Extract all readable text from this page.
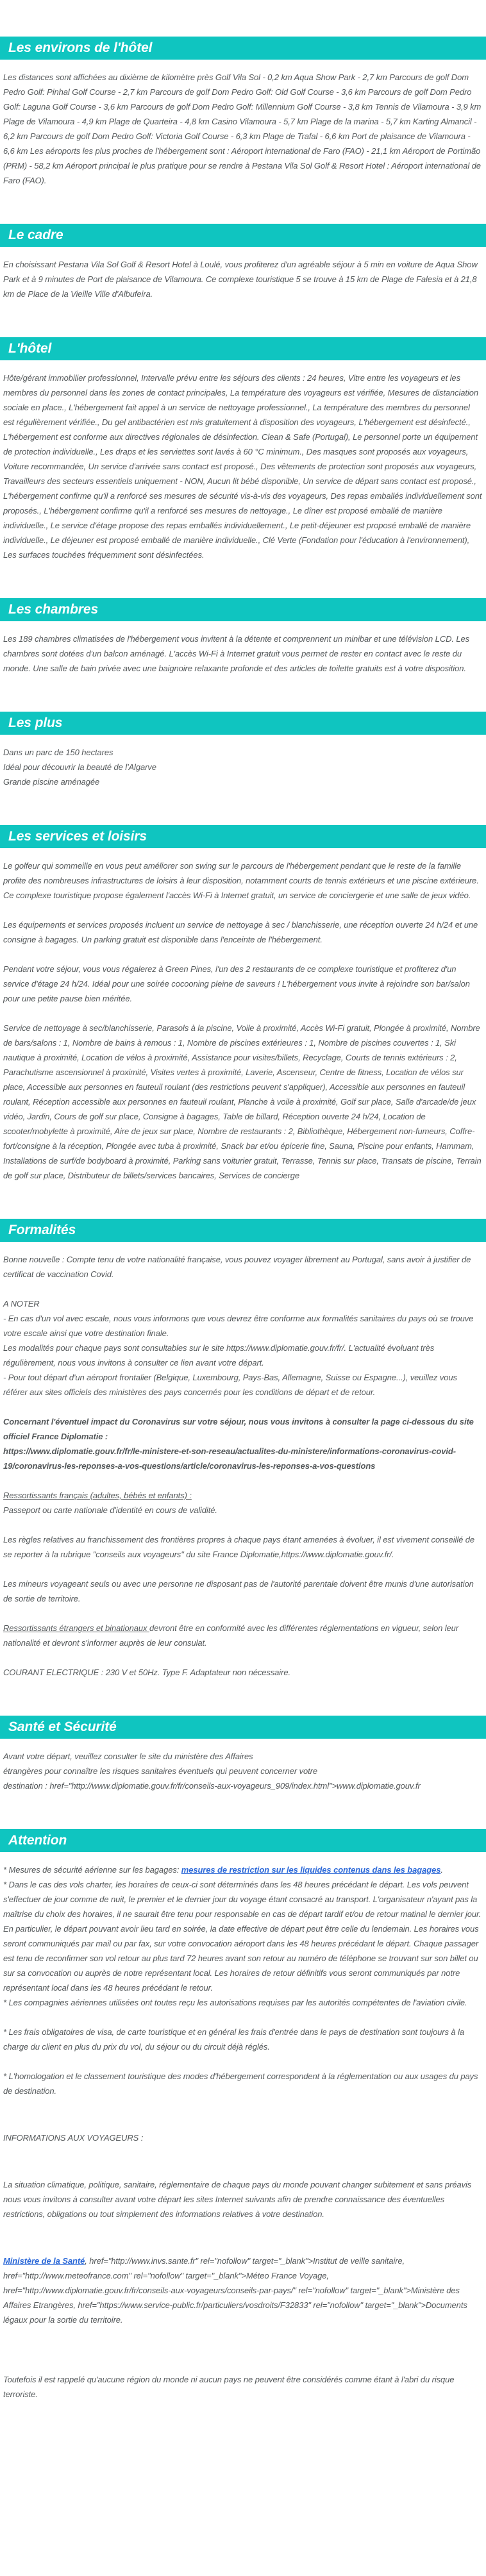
Les environs de l'hôtel
Les distances sont affichées au dixième de kilomètre près Golf Vila Sol - 0,2 km Aqua Show Park - 2,7 km Parcours de golf Dom Pedro Golf: Pinhal Golf Course - 2,7 km Parcours de golf Dom Pedro Golf: Old Golf Course - 3,6 km Parcours de golf Dom Pedro Golf: Laguna Golf Course - 3,6 km Parcours de golf Dom Pedro Golf: Millennium Golf Course - 3,8 km Tennis de Vilamoura - 3,9 km Plage de Vilamoura - 4,9 km Plage de Quarteira - 4,8 km Casino Vilamoura - 5,7 km Plage de la marina - 5,7 km Karting Almancil - 6,2 km Parcours de golf Dom Pedro Golf: Victoria Golf Course - 6,3 km Plage de Trafal - 6,6 km Port de plaisance de Vilamoura - 6,6 km Les aéroports les plus proches de l'hébergement sont : Aéroport international de Faro (FAO) - 21,1 km Aéroport de Portimão (PRM) - 58,2 km Aéroport principal le plus pratique pour se rendre à Pestana Vila Sol Golf & Resort Hotel : Aéroport international de Faro (FAO).
Le cadre
En choisissant Pestana Vila Sol Golf & Resort Hotel à Loulé, vous profiterez d'un agréable séjour à 5 min en voiture de Aqua Show Park et à 9 minutes de Port de plaisance de Vilamoura. Ce complexe touristique 5 se trouve à 15 km de Plage de Falesia et à 21,8 km de Place de la Vieille Ville d'Albufeira.
L'hôtel
Hôte/gérant immobilier professionnel, Intervalle prévu entre les séjours des clients : 24 heures, Vitre entre les voyageurs et les membres du personnel dans les zones de contact principales, La température des voyageurs est vérifiée, Mesures de distanciation sociale en place., L'hébergement fait appel à un service de nettoyage professionnel., La température des membres du personnel est régulièrement vérifiée., Du gel antibactérien est mis gratuitement à disposition des voyageurs, L'hébergement est désinfecté., L'hébergement est conforme aux directives régionales de désinfection. Clean & Safe (Portugal), Le personnel porte un équipement de protection individuelle., Les draps et les serviettes sont lavés à 60 °C minimum., Des masques sont proposés aux voyageurs, Voiture recommandée, Un service d'arrivée sans contact est proposé., Des vêtements de protection sont proposés aux voyageurs, Travailleurs des secteurs essentiels uniquement - NON, Aucun lit bébé disponible, Un service de départ sans contact est proposé., L'hébergement confirme qu'il a renforcé ses mesures de sécurité vis-à-vis des voyageurs, Des repas emballés individuellement sont proposés., L'hébergement confirme qu'il a renforcé ses mesures de nettoyage., Le dîner est proposé emballé de manière individuelle., Le service d'étage propose des repas emballés individuellement., Le petit-déjeuner est proposé emballé de manière individuelle., Le déjeuner est proposé emballé de manière individuelle., Clé Verte (Fondation pour l'éducation à l'environnement), Les surfaces touchées fréquemment sont désinfectées.
Les chambres
Les 189 chambres climatisées de l'hébergement vous invitent à la détente et comprennent un minibar et une télévision LCD. Les chambres sont dotées d'un balcon aménagé. L'accès Wi-Fi à Internet gratuit vous permet de rester en contact avec le reste du monde. Une salle de bain privée avec une baignoire relaxante profonde et des articles de toilette gratuits est à votre disposition.
Les plus
Dans un parc de 150 hectares
Idéal pour découvrir la beauté de l'Algarve
Grande piscine aménagée
Les services et loisirs
Le golfeur qui sommeille en vous peut améliorer son swing sur le parcours de l'hébergement pendant que le reste de la famille profite des nombreuses infrastructures de loisirs à leur disposition, notamment courts de tennis extérieurs et une piscine extérieure. Ce complexe touristique propose également l'accès Wi-Fi à Internet gratuit, un service de conciergerie et une salle de jeux vidéo.
Les équipements et services proposés incluent un service de nettoyage à sec / blanchisserie, une réception ouverte 24 h/24 et une consigne à bagages. Un parking gratuit est disponible dans l'enceinte de l'hébergement.
Pendant votre séjour, vous vous régalerez à Green Pines, l'un des 2 restaurants de ce complexe touristique et profiterez d'un service d'étage 24 h/24. Idéal pour une soirée cocooning pleine de saveurs ! L'hébergement vous invite à rejoindre son bar/salon pour une petite pause bien méritée.
Service de nettoyage à sec/blanchisserie, Parasols à la piscine, Voile à proximité, Accès Wi-Fi gratuit, Plongée à proximité, Nombre de bars/salons : 1, Nombre de bains à remous : 1, Nombre de piscines extérieures : 1, Nombre de piscines couvertes : 1, Ski nautique à proximité, Location de vélos à proximité, Assistance pour visites/billets, Recyclage, Courts de tennis extérieurs : 2, Parachutisme ascensionnel à proximité, Visites vertes à proximité, Laverie, Ascenseur, Centre de fitness, Location de vélos sur place, Accessible aux personnes en fauteuil roulant (des restrictions peuvent s'appliquer), Accessible aux personnes en fauteuil roulant, Réception accessible aux personnes en fauteuil roulant, Planche à voile à proximité, Golf sur place, Salle d'arcade/de jeux vidéo, Jardin, Cours de golf sur place, Consigne à bagages, Table de billard, Réception ouverte 24 h/24, Location de scooter/mobylette à proximité, Aire de jeux sur place, Nombre de restaurants : 2, Bibliothèque, Hébergement non-fumeurs, Coffre-fort/consigne à la réception, Plongée avec tuba à proximité, Snack bar et/ou épicerie fine, Sauna, Piscine pour enfants, Hammam, Installations de surf/de bodyboard à proximité, Parking sans voiturier gratuit, Terrasse, Tennis sur place, Transats de piscine, Terrain de golf sur place, Distributeur de billets/services bancaires, Services de concierge
Formalités
Bonne nouvelle : Compte tenu de votre nationalité française, vous pouvez voyager librement au Portugal, sans avoir à justifier de certificat de vaccination Covid.
A NOTER
- En cas d'un vol avec escale, nous vous informons que vous devrez être conforme aux formalités sanitaires du pays où se trouve votre escale ainsi que votre destination finale.
Les modalités pour chaque pays sont consultables sur le site https://www.diplomatie.gouv.fr/fr/. L'actualité évoluant très régulièrement, nous vous invitons à consulter ce lien avant votre départ.
- Pour tout départ d'un aéroport frontalier (Belgique, Luxembourg, Pays-Bas, Allemagne, Suisse ou Espagne...), veuillez vous référer aux sites officiels des ministères des pays concernés pour les conditions de départ et de retour.
Concernant l'éventuel impact du Coronavirus sur votre séjour, nous vous invitons à consulter la page ci-dessous du site officiel France Diplomatie :
https://www.diplomatie.gouv.fr/fr/le-ministere-et-son-reseau/actualites-du-ministere/informations-coronavirus-covid-19/coronavirus-les-reponses-a-vos-questions/article/coronavirus-les-reponses-a-vos-questions
Ressortissants français (adultes, bébés et enfants) :
Passeport ou carte nationale d'identité en cours de validité.
Les règles relatives au franchissement des frontières propres à chaque pays étant amenées à évoluer, il est vivement conseillé de se reporter à la rubrique "conseils aux voyageurs" du site France Diplomatie,https://www.diplomatie.gouv.fr/.
Les mineurs voyageant seuls ou avec une personne ne disposant pas de l'autorité parentale doivent être munis d'une autorisation de sortie de territoire.
Ressortissants étrangers et binationaux devront être en conformité avec les différentes réglementations en vigueur, selon leur nationalité et devront s'informer auprès de leur consulat.
COURANT ELECTRIQUE : 230 V et 50Hz. Type F. Adaptateur non nécessaire.
Santé et Sécurité
Avant votre départ, veuillez consulter le site du ministère des Affaires
étrangères pour connaître les risques sanitaires éventuels qui peuvent concerner votre
destination : href="http://www.diplomatie.gouv.fr/fr/conseils-aux-voyageurs_909/index.html">www.diplomatie.gouv.fr
Attention
* Mesures de sécurité aérienne sur les bagages: mesures de restriction sur les liquides contenus dans les bagages.
* Dans le cas des vols charter, les horaires de ceux-ci sont déterminés dans les 48 heures précédant le départ. Les vols peuvent s'effectuer de jour comme de nuit, le premier et le dernier jour du voyage étant consacré au transport. L'organisateur n'ayant pas la maîtrise du choix des horaires, il ne saurait être tenu pour responsable en cas de départ tardif et/ou de retour matinal le dernier jour. En particulier, le départ pouvant avoir lieu tard en soirée, la date effective de départ peut être celle du lendemain. Les horaires vous seront communiqués par mail ou par fax, sur votre convocation aéroport dans les 48 heures précédant le départ. Chaque passager est tenu de reconfirmer son vol retour au plus tard 72 heures avant son retour au numéro de téléphone se trouvant sur son billet ou sur sa convocation ou auprès de notre représentant local. Les horaires de retour définitifs vous seront communiqués par notre représentant local dans les 48 heures précédant le retour.
* Les compagnies aériennes utilisées ont toutes reçu les autorisations requises par les autorités compétentes de l'aviation civile.
* Les frais obligatoires de visa, de carte touristique et en général les frais d'entrée dans le pays de destination sont toujours à la charge du client en plus du prix du vol, du séjour ou du circuit déjà réglés.
* L'homologation et le classement touristique des modes d'hébergement correspondent à la réglementation ou aux usages du pays de destination.
INFORMATIONS AUX VOYAGEURS :
La situation climatique, politique, sanitaire, réglementaire de chaque pays du monde pouvant changer subitement et sans préavis
nous vous invitons à consulter avant votre départ les sites Internet suivants afin de prendre connaissance des éventuelles restrictions, obligations ou tout simplement des informations relatives à votre destination.
Ministère de la Santé, href="http://www.invs.sante.fr" rel="nofollow" target="_blank">Institut de veille sanitaire, href="http://www.meteofrance.com" rel="nofollow" target="_blank">Méteo France Voyage, href="http://www.diplomatie.gouv.fr/fr/conseils-aux-voyageurs/conseils-par-pays/" rel="nofollow" target="_blank">Ministère des Affaires Etrangères, href="https://www.service-public.fr/particuliers/vosdroits/F32833" rel="nofollow" target="_blank">Documents légaux pour la sortie du territoire.
Toutefois il est rappelé qu'aucune région du monde ni aucun pays ne peuvent être considérés comme étant à l'abri du risque terroriste.
